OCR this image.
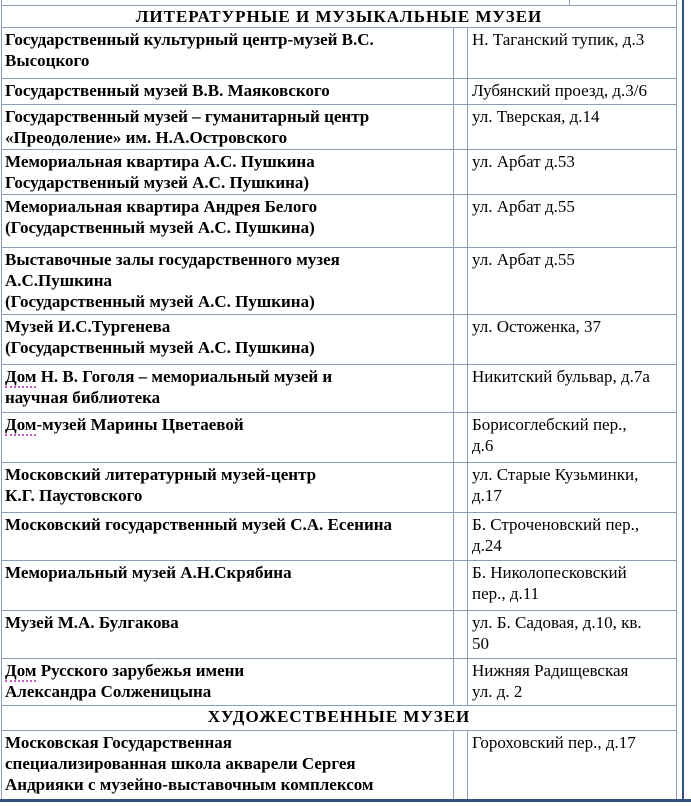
ЛИТЕРАТУРНЫЕ И МУЗЫКАЛЬНЫЕ МУЗЕИ		
Государственный культурный центр-музей В.С.
Высоцкого		Н. Таганский тупик, д.3
Государственный музей В.В. Маяковского		Лубянский проезд, д.3/6
Государственный музей – гуманитарный центр
«Преодоление» им. Н.А.Островского		ул. Тверская, д.14
Мемориальная квартира А.С. Пушкина
Государственный музей А.С. Пушкина)		ул. Арбат д.53
Мемориальная квартира Андрея Белого
(Государственный музей А.С. Пушкина)		ул. Арбат д.55
Выставочные залы государственного музея
А.С.Пушкина
(Государственный музей А.С. Пушкина)		ул. Арбат д.55
Музей И.С.Тургенева
(Государственный музей А.С. Пушкина)		ул. Остоженка, 37
Дом Н. В. Гоголя – мемориальный музей и
научная библиотека		Никитский бульвар, д.7а
Дом-музей Марины Цветаевой		Борисоглебский пер.,
д.6
Московский литературный музей-центр
К.Г. Паустовского		ул. Старые Кузьминки,
д.17
Московский государственный музей С.А. Есенина		Б. Строченовский пер.,
д.24
Мемориальный музей А.Н.Скрябина		Б. Николопесковский
пер., д.11
Музей М.А. Булгакова		ул. Б. Садовая, д.10, кв.
50
Дом Русского зарубежья имени
Александра Солженицына		Нижняя Радищевская
ул. д. 2
ХУДОЖЕСТВЕННЫЕ МУЗЕИ		
Московская Государственная
специализированная школа акварели Сергея
Андрияки с музейно-выставочным комплексом		Гороховский пер., д.17
